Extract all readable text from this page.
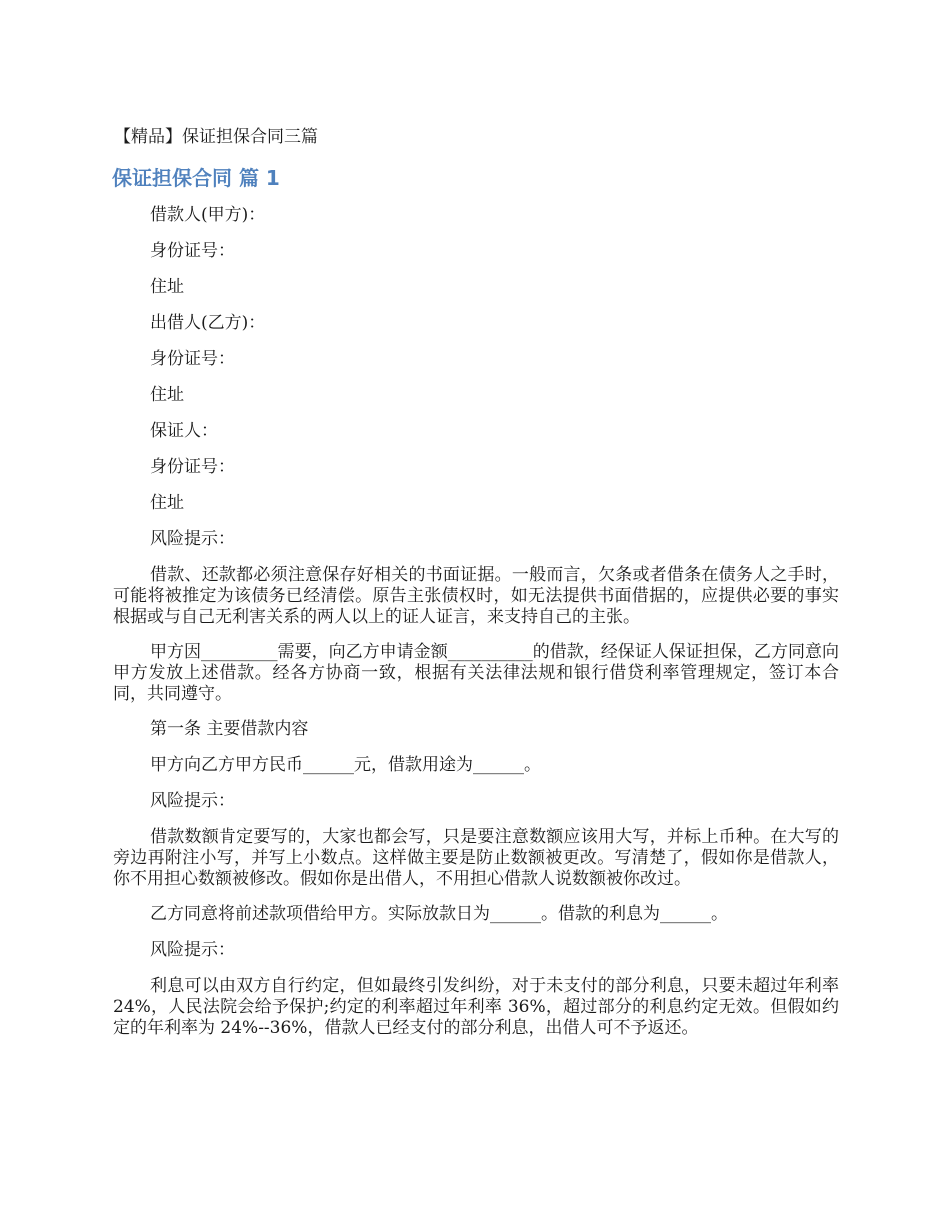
【精品】保证担保合同三篇

保证担保合同 篇 1

借款人(甲方)：

身份证号：

住址

出借人(乙方)：

身份证号：

住址

保证人：

身份证号：

住址

风险提示：

借款、还款都必须注意保存好相关的书面证据。一般而言，欠条或者借条在债务人之手时，可能将被推定为该债务已经清偿。原告主张债权时，如无法提供书面借据的，应提供必要的事实根据或与自己无利害关系的两人以上的证人证言，来支持自己的主张。

甲方因_________需要，向乙方申请金额__________的借款，经保证人保证担保，乙方同意向甲方发放上述借款。经各方协商一致，根据有关法律法规和银行借贷利率管理规定，签订本合同，共同遵守。

第一条 主要借款内容

甲方向乙方甲方民币______元，借款用途为______。

风险提示：

借款数额肯定要写的，大家也都会写，只是要注意数额应该用大写，并标上币种。在大写的旁边再附注小写，并写上小数点。这样做主要是防止数额被更改。写清楚了，假如你是借款人，你不用担心数额被修改。假如你是出借人，不用担心借款人说数额被你改过。

乙方同意将前述款项借给甲方。实际放款日为______。借款的利息为______。

风险提示：

利息可以由双方自行约定，但如最终引发纠纷，对于未支付的部分利息，只要未超过年利率 24%，人民法院会给予保护;约定的利率超过年利率 36%，超过部分的利息约定无效。但假如约定的年利率为 24%--36%，借款人已经支付的部分利息，出借人可不予返还。
